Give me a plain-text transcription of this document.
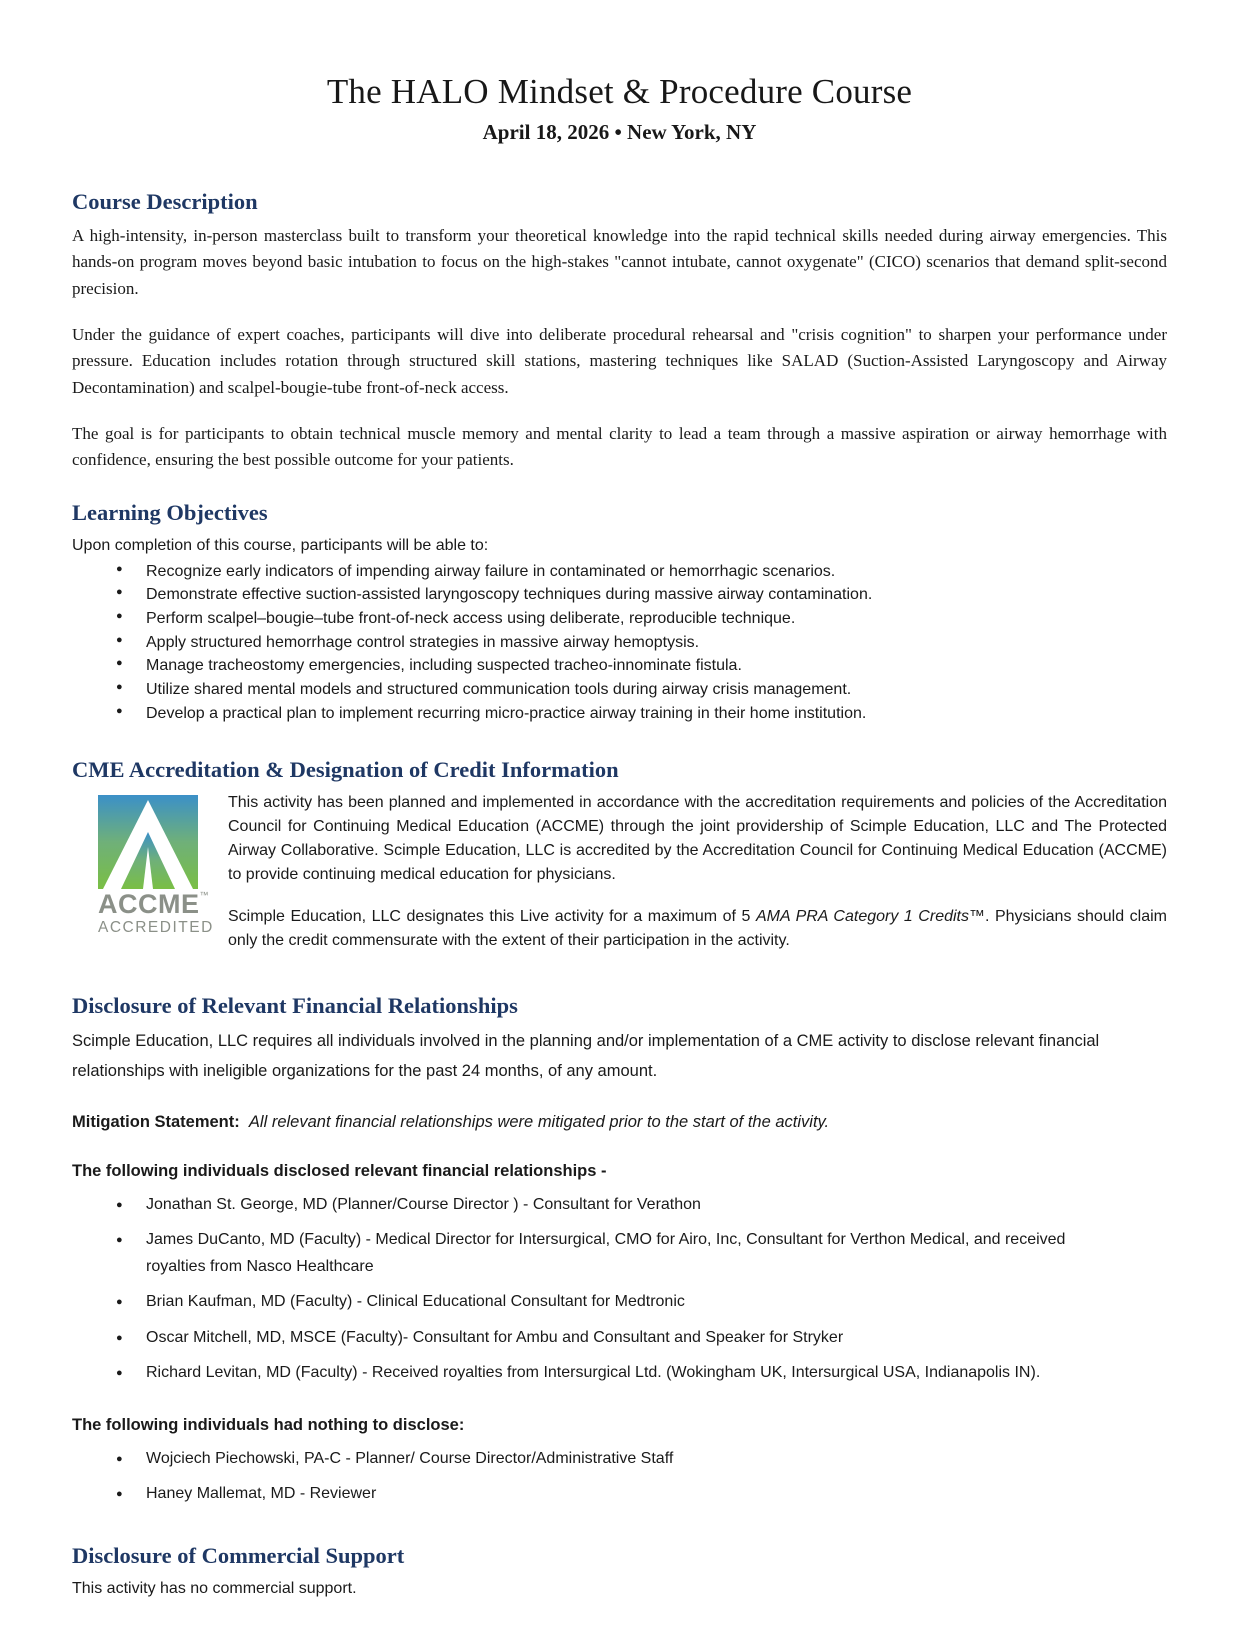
The HALO Mindset & Procedure Course
April 18, 2026 • New York, NY
Course Description

A high-intensity, in-person masterclass built to transform your theoretical knowledge into the rapid technical skills needed during airway emergencies. This hands-on program moves beyond basic intubation to focus on the high-stakes "cannot intubate, cannot oxygenate" (CICO) scenarios that demand split-second precision.

Under the guidance of expert coaches, participants will dive into deliberate procedural rehearsal and "crisis cognition" to sharpen your performance under pressure. Education includes rotation through structured skill stations, mastering techniques like SALAD (Suction-Assisted Laryngoscopy and Airway Decontamination) and scalpel-bougie-tube front-of-neck access.

The goal is for participants to obtain technical muscle memory and mental clarity to lead a team through a massive aspiration or airway hemorrhage with confidence, ensuring the best possible outcome for your patients.

Learning Objectives

Upon completion of this course, participants will be able to:

● Recognize early indicators of impending airway failure in contaminated or hemorrhagic scenarios.
● Demonstrate effective suction-assisted laryngoscopy techniques during massive airway contamination.
● Perform scalpel–bougie–tube front-of-neck access using deliberate, reproducible technique.
● Apply structured hemorrhage control strategies in massive airway hemoptysis.
● Manage tracheostomy emergencies, including suspected tracheo-innominate fistula.
● Utilize shared mental models and structured communication tools during airway crisis management.
● Develop a practical plan to implement recurring micro-practice airway training in their home institution.
CME Accreditation & Designation of Credit Information
ACCME™
ACCREDITED

This activity has been planned and implemented in accordance with the accreditation requirements and policies of the Accreditation Council for Continuing Medical Education (ACCME) through the joint providership of Scimple Education, LLC and The Protected Airway Collaborative. Scimple Education, LLC is accredited by the Accreditation Council for Continuing Medical Education (ACCME) to provide continuing medical education for physicians.

Scimple Education, LLC designates this Live activity for a maximum of 5 AMA PRA Category 1 Credits™. Physicians should claim only the credit commensurate with the extent of their participation in the activity.

Disclosure of Relevant Financial Relationships

Scimple Education, LLC requires all individuals involved in the planning and/or implementation of a CME activity to disclose relevant financial relationships with ineligible organizations for the past 24 months, of any amount.

Mitigation Statement: All relevant financial relationships were mitigated prior to the start of the activity.

The following individuals disclosed relevant financial relationships -
● Jonathan St. George, MD (Planner/Course Director ) - Consultant for Verathon
● James DuCanto, MD (Faculty) - Medical Director for Intersurgical, CMO for Airo, Inc, Consultant for Verthon Medical, and received royalties from Nasco Healthcare
● Brian Kaufman, MD (Faculty) - Clinical Educational Consultant for Medtronic
● Oscar Mitchell, MD, MSCE (Faculty)- Consultant for Ambu and Consultant and Speaker for Stryker
● Richard Levitan, MD (Faculty) - Received royalties from Intersurgical Ltd. (Wokingham UK, Intersurgical USA, Indianapolis IN).
The following individuals had nothing to disclose:
● Wojciech Piechowski, PA-C - Planner/ Course Director/Administrative Staff
● Haney Mallemat, MD - Reviewer
Disclosure of Commercial Support

This activity has no commercial support.
